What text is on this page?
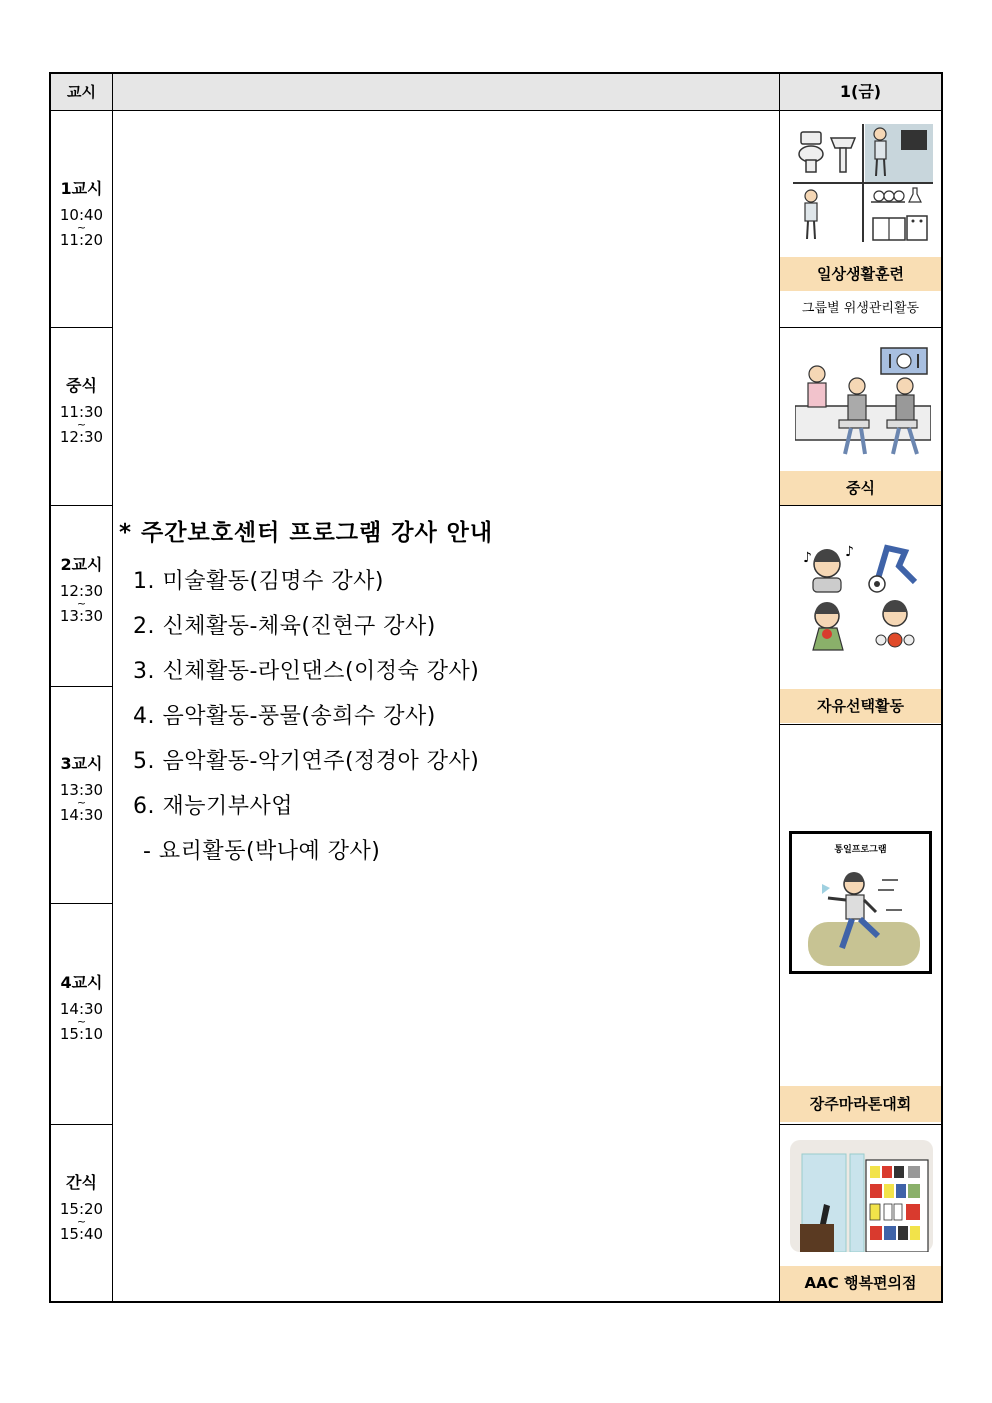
교시	1(금)
1교시
10:40
~
11:20
중식
11:30
~
12:30
2교시
12:30
~
13:30
3교시
13:30
~
14:30
4교시
14:30
~
15:10
간식
15:20
~
15:40
* 주간보호센터 프로그램 강사 안내
1. 미술활동(김명수 강사)
2. 신체활동-체육(진현구 강사)
3. 신체활동-라인댄스(이정숙 강사)
4. 음악활동-풍물(송희수 강사)
5. 음악활동-악기연주(정경아 강사)
6. 재능기부사업
- 요리활동(박나예 강사)
일상생활훈련
그룹별 위생관리활동
중식
♪ ♪
자유선택활동
통일프로그램
장주마라톤대회
AAC 행복편의점
